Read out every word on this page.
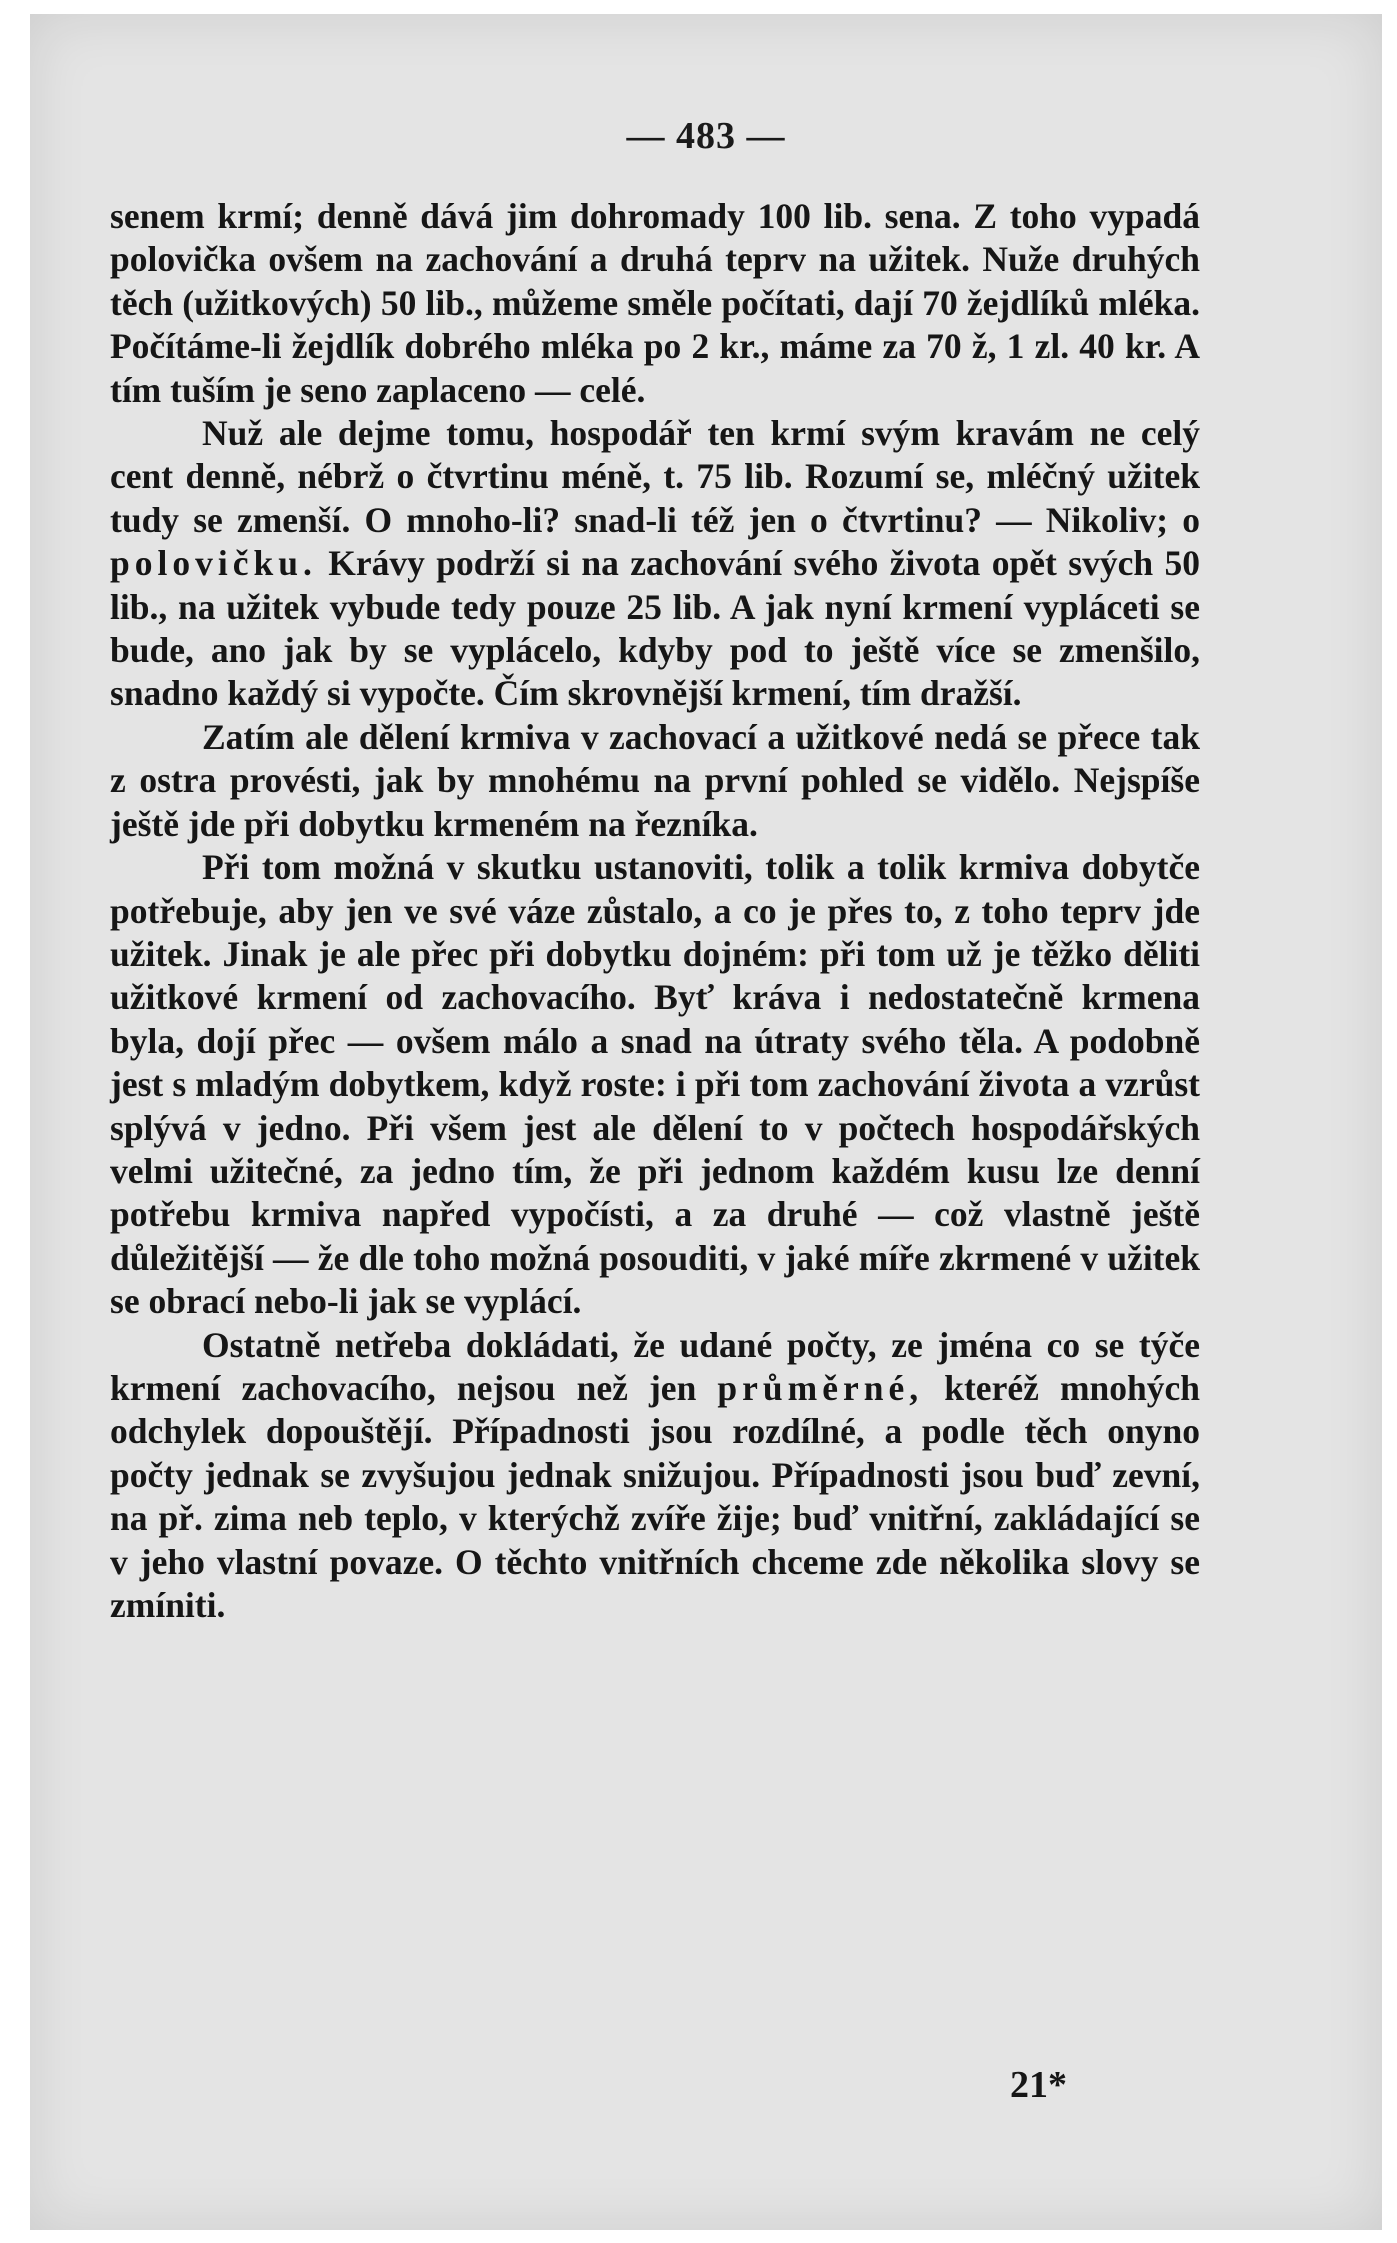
— 483 —

senem krmí; denně dává jim dohromady 100 lib. sena. Z toho vypadá polovička ovšem na zachování a druhá teprv na užitek. Nuže druhých těch (užitkových) 50 lib., můžeme směle počítati, dají 70 žejdlíků mléka. Počítáme-li žejdlík dobrého mléka po 2 kr., máme za 70 ž, 1 zl. 40 kr. A tím tuším je seno zaplaceno — celé.

Nuž ale dejme tomu, hospodář ten krmí svým kravám ne celý cent denně, nébrž o čtvrtinu méně, t. 75 lib. Rozumí se, mléčný užitek tudy se zmenší. O mnoho-li? snad-li též jen o čtvrtinu? — Nikoliv; o polovičku. Krávy podrží si na zachování svého života opět svých 50 lib., na užitek vybude tedy pouze 25 lib. A jak nyní krmení vypláceti se bude, ano jak by se vyplácelo, kdyby pod to ještě více se zmenšilo, snadno každý si vypočte. Čím skrovnější krmení, tím dražší.

Zatím ale dělení krmiva v zachovací a užitkové nedá se přece tak z ostra provésti, jak by mnohému na první pohled se vidělo. Nejspíše ještě jde při dobytku krmeném na řezníka.

Při tom možná v skutku ustanoviti, tolik a tolik krmiva dobytče potřebuje, aby jen ve své váze zůstalo, a co je přes to, z toho teprv jde užitek. Jinak je ale přec při dobytku dojném: při tom už je těžko děliti užitkové krmení od zachovacího. Byť kráva i nedostatečně krmena byla, dojí přec — ovšem málo a snad na útraty svého těla. A podobně jest s mladým dobytkem, když roste: i při tom zachování života a vzrůst splývá v jedno. Při všem jest ale dělení to v počtech hospodářských velmi užitečné, za jedno tím, že při jednom každém kusu lze denní potřebu krmiva napřed vypočísti, a za druhé — což vlastně ještě důležitější — že dle toho možná posouditi, v jaké míře zkrmené v užitek se obrací nebo-li jak se vyplácí.

Ostatně netřeba dokládati, že udané počty, ze jména co se týče krmení zachovacího, nejsou než jen průměrné, kteréž mnohých odchylek dopouštějí. Případnosti jsou rozdílné, a podle těch onyno počty jednak se zvyšujou jednak snižujou. Případnosti jsou buď zevní, na př. zima neb teplo, v kterýchž zvíře žije; buď vnitřní, zakládající se v jeho vlastní povaze. O těchto vnitřních chceme zde několika slovy se zmíniti.

21*
